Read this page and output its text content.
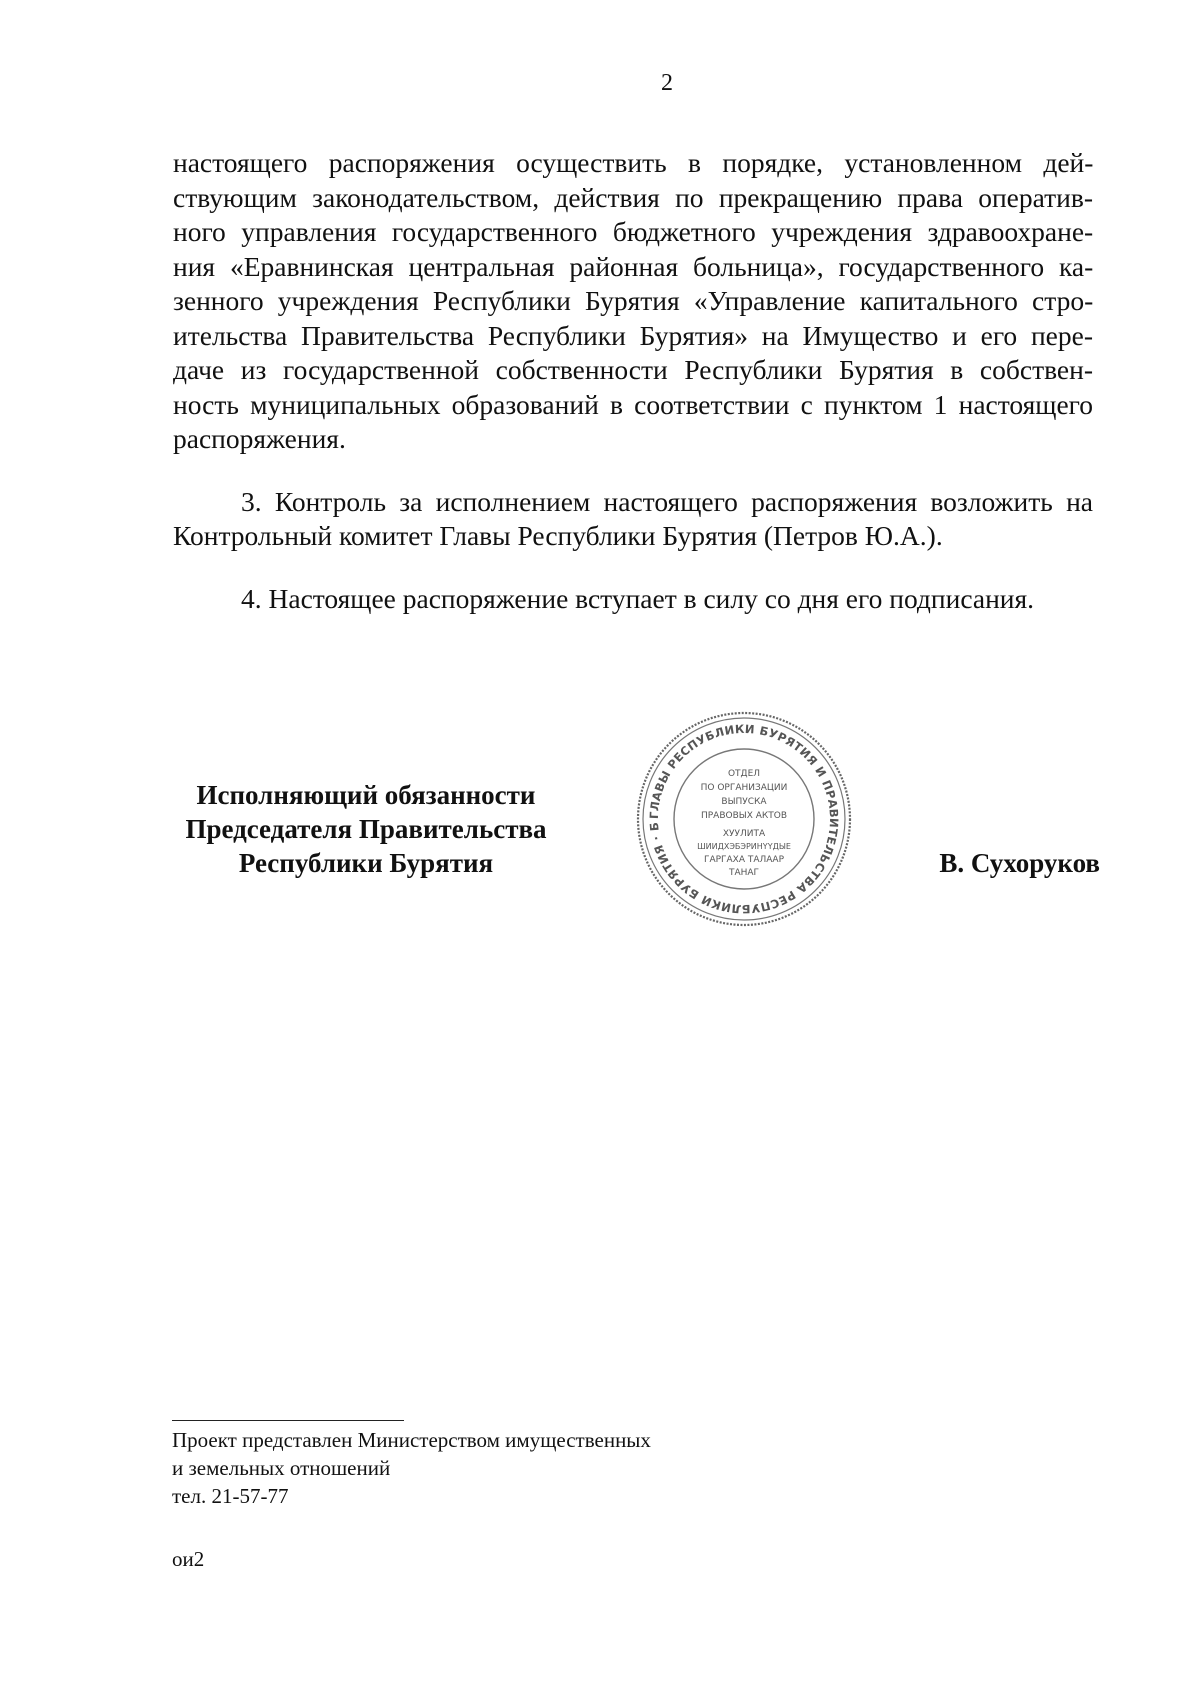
2
настоящего распоряжения осуществить в порядке, установленном дей-
ствующим законодательством, действия по прекращению права оператив-
ного управления государственного бюджетного учреждения здравоохране-
ния «Еравнинская центральная районная больница», государственного ка-
зенного учреждения Республики Бурятия «Управление капитального стро-
ительства Правительства Республики Бурятия» на Имущество и его пере-
даче из государственной собственности Республики Бурятия в собствен-
ность муниципальных образований в соответствии с пунктом 1 настоящего
распоряжения.

3. Контроль за исполнением настоящего распоряжения возложить на Контрольный комитет Главы Республики Бурятия (Петров Ю.А.).

4. Настоящее распоряжение вступает в силу со дня его подписания.

Исполняющий обязанности
Председателя Правительства
Республики Бурятия
ГЛАВЫ РЕСПУБЛИКИ БУРЯТИЯ И ПРАВИТЕЛЬСТВА РЕСПУБЛИКИ БУРЯТИЯ · Б
ОТДЕЛ
ПО ОРГАНИЗАЦИИ
ВЫПУСКА
ПРАВОВЫХ АКТОВ
ХУУЛИТА
ШИИДХЭБЭРИНҮҮДЫЕ
ГАРГАХА ТАЛААР
ТАНАГ	В. Сухоруков
Проект представлен Министерством имущественных
и земельных отношений
тел. 21-57-77
ои2
